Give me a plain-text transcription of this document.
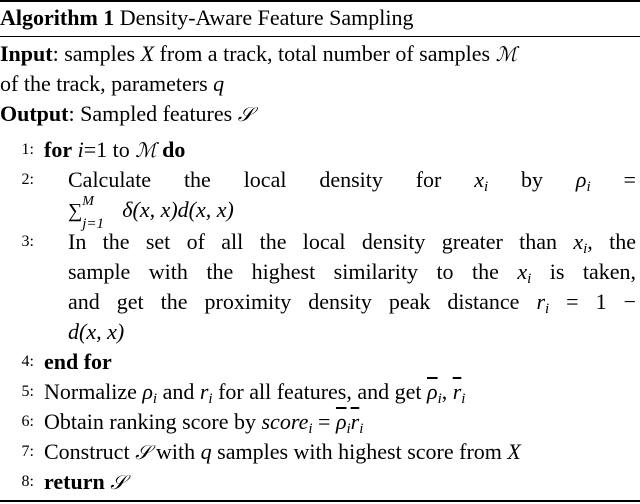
Algorithm 1 Density-Aware Feature Sampling
Input: samples X from a track, total number of samples ℳ
of the track, parameters q
Output: Sampled features 𝒮
1: for i=1 to ℳ do
2: Calculate the local density for $x_i$ by $\rho_i$ =
∑ M
j=1
δ(x, x)d(x, x)
3: In the set of all the local density greater than $x_i$, the
sample with the highest similarity to the $x_i$ is taken,
and get the proximity density peak distance $r_i = 1$ −
d(x, x)
4: end for
5: Normalize $\rho_i$ and $r_i$ for all features, and get $\overline{\rho}_i$, $\overline{r}_i$
6: Obtain ranking score by score$_i$ = $\overline{\rho}_i\overline{r}_i$
7: Construct 𝒮 with q samples with highest score from X
8: return 𝒮
